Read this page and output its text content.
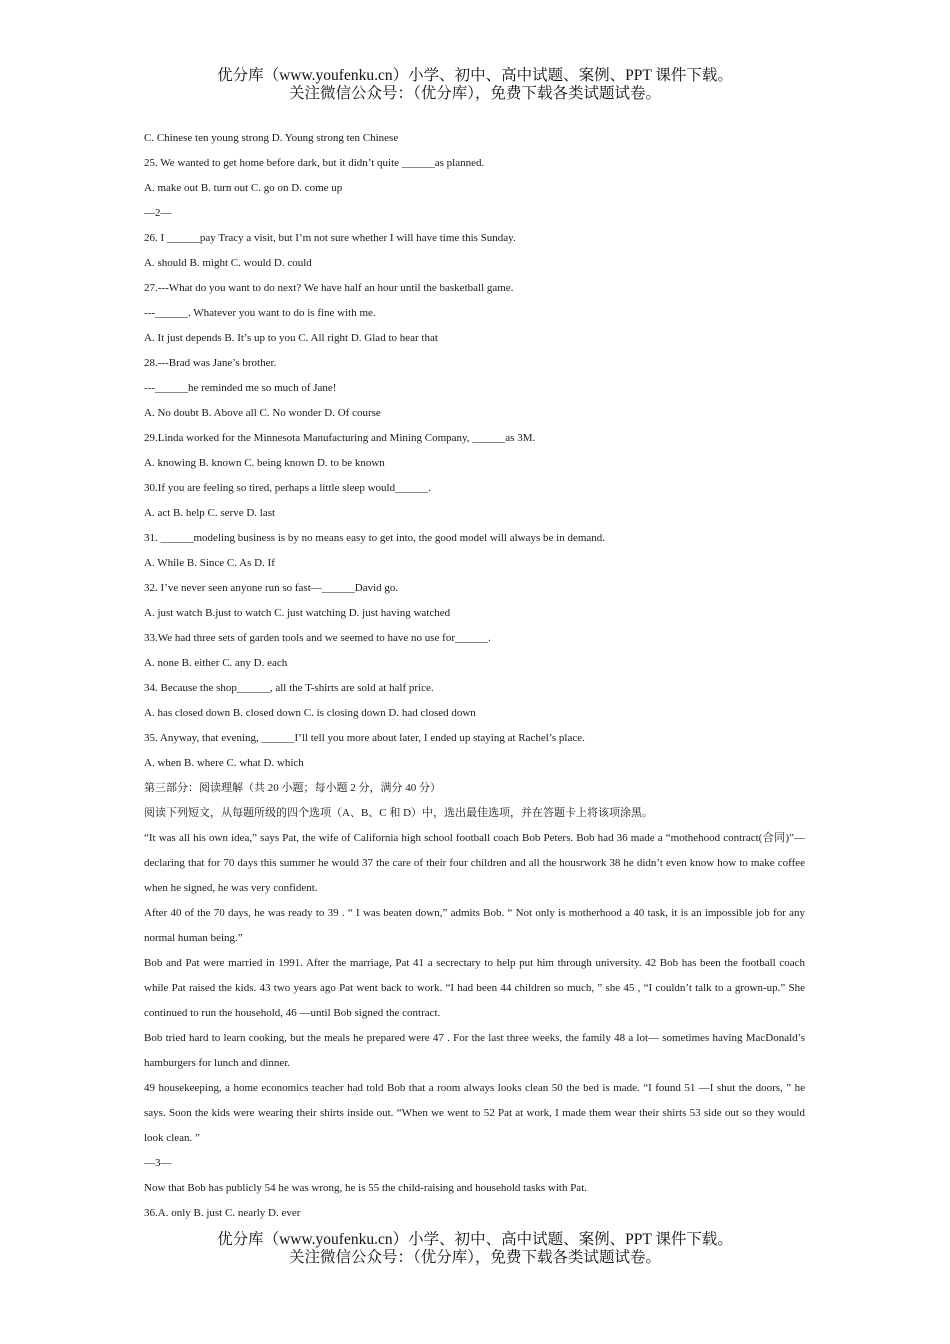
优分库（www.youfenku.cn）小学、初中、高中试题、案例、PPT 课件下载。
关注微信公众号：（优分库），免费下载各类试题试卷。
C. Chinese ten young strong D. Young strong ten Chinese
25. We wanted to get home before dark, but it didn’t quite ______as planned.
A. make out B. turn out C. go on D. come up
—2—
26. I ______pay Tracy a visit, but I’m not sure whether I will have time this Sunday.
A. should B. might C. would D. could
27.---What do you want to do next? We have half an hour until the basketball game.
---______. Whatever you want to do is fine with me.
A. It just depends B. It’s up to you C. All right D. Glad to hear that
28.---Brad was Jane’s brother.
---______he reminded me so much of Jane!
A. No doubt B. Above all C. No wonder D. Of course
29.Linda worked for the Minnesota Manufacturing and Mining Company, ______as 3M.
A. knowing B. known C. being known D. to be known
30.If you are feeling so tired, perhaps a little sleep would______.
A. act B. help C. serve D. last
31. ______modeling business is by no means easy to get into, the good model will always be in demand.
A. While B. Since C. As D. If
32. I’ve never seen anyone run so fast—______David go.
A. just watch B.just to watch C. just watching D. just having watched
33.We had three sets of garden tools and we seemed to have no use for______.
A. none B. either C. any D. each
34. Because the shop______, all the T-shirts are sold at half price.
A. has closed down B. closed down C. is closing down D. had closed down
35. Anyway, that evening, ______I’ll tell you more about later, I ended up staying at Rachel’s place.
A. when B. where C. what D. which
第三部分：阅读理解（共 20 小题；每小题 2 分，满分 40 分）
阅读下列短文，从每题所级的四个选项（A、B、C 和 D）中，选出最佳选项，并在答题卡上将该项涂黑。
“It was all his own idea,” says Pat, the wife of California high school football coach Bob Peters. Bob had 36 made a “mothehood contract(合同)”—declaring that for 70 days this summer he would 37 the care of their four children and all the housrwork 38 he didn’t even know how to make coffee when he signed, he was very confident.
After 40 of the 70 days, he was ready to 39 . “ I was beaten down,” admits Bob. “ Not only is motherhood a 40 task, it is an impossible job for any normal human being.”
Bob and Pat were married in 1991. After the marriage, Pat 41 a secrectary to help put him through university. 42 Bob has been the football coach while Pat raised the kids. 43 two years ago Pat went back to work. “I had been 44 children so much, ” she 45 , “I couldn’t talk to a grown-up.” She continued to run the household, 46 —until Bob signed the contract.
Bob tried hard to learn cooking, but the meals he prepared were 47 . For the last three weeks, the family 48 a lot— sometimes having MacDonald’s hamburgers for lunch and dinner.
49 housekeeping, a home economics teacher had told Bob that a room always looks clean 50 the bed is made. “I found 51 —I shut the doors, ” he says. Soon the kids were wearing their shirts inside out. “When we went to 52 Pat at work, I made them wear their shirts 53 side out so they would look clean. ”
—3—
Now that Bob has publicly 54 he was wrong, he is 55 the child-raising and household tasks with Pat.
36.A. only B. just C. nearly D. ever
优分库（www.youfenku.cn）小学、初中、高中试题、案例、PPT 课件下载。
关注微信公众号：（优分库），免费下载各类试题试卷。
